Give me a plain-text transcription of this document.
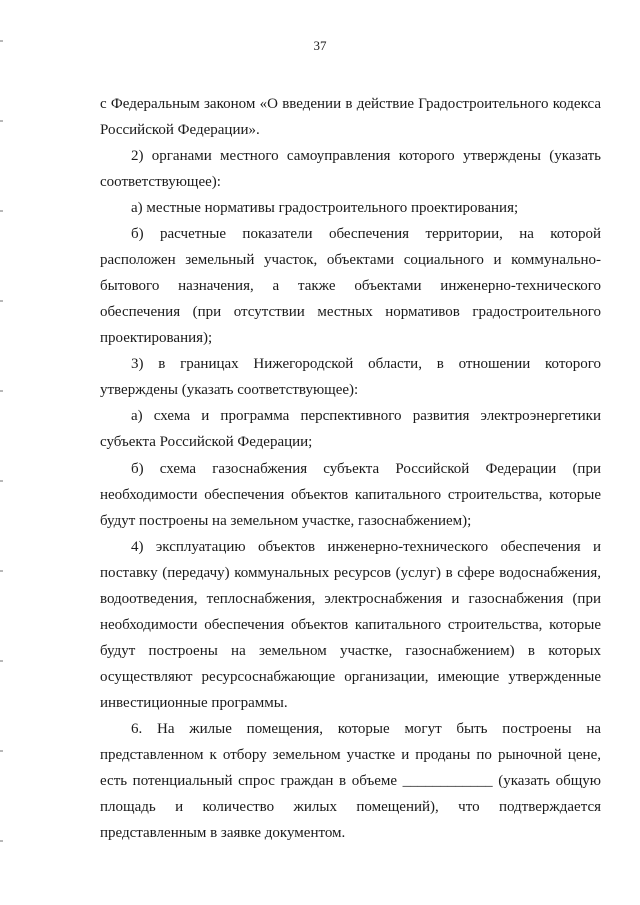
37

с Федеральным законом «О введении в действие Градостроительного кодекса

Российской Федерации».

2) органами местного самоуправления которого утверждены (указать

соответствующее):

а) местные нормативы градостроительного проектирования;

б) расчетные показатели обеспечения территории, на которой

расположен земельный участок, объектами социального и коммунально-

бытового назначения, а также объектами инженерно-технического

обеспечения (при отсутствии местных нормативов градостроительного

проектирования);

3) в границах Нижегородской области, в отношении которого

утверждены (указать соответствующее):

а) схема и программа перспективного развития электроэнергетики

субъекта Российской Федерации;

б) схема газоснабжения субъекта Российской Федерации (при

необходимости обеспечения объектов капитального строительства, которые

будут построены на земельном участке, газоснабжением);

4) эксплуатацию объектов инженерно-технического обеспечения и

поставку (передачу) коммунальных ресурсов (услуг) в сфере водоснабжения,

водоотведения, теплоснабжения, электроснабжения и газоснабжения (при

необходимости обеспечения объектов капитального строительства, которые

будут построены на земельном участке, газоснабжением) в которых

осуществляют ресурсоснабжающие организации, имеющие утвержденные

инвестиционные программы.

6. На жилые помещения, которые могут быть построены на

представленном к отбору земельном участке и проданы по рыночной цене,

есть потенциальный спрос граждан в объеме ____________ (указать общую

площадь и количество жилых помещений), что подтверждается

представленным в заявке документом.
